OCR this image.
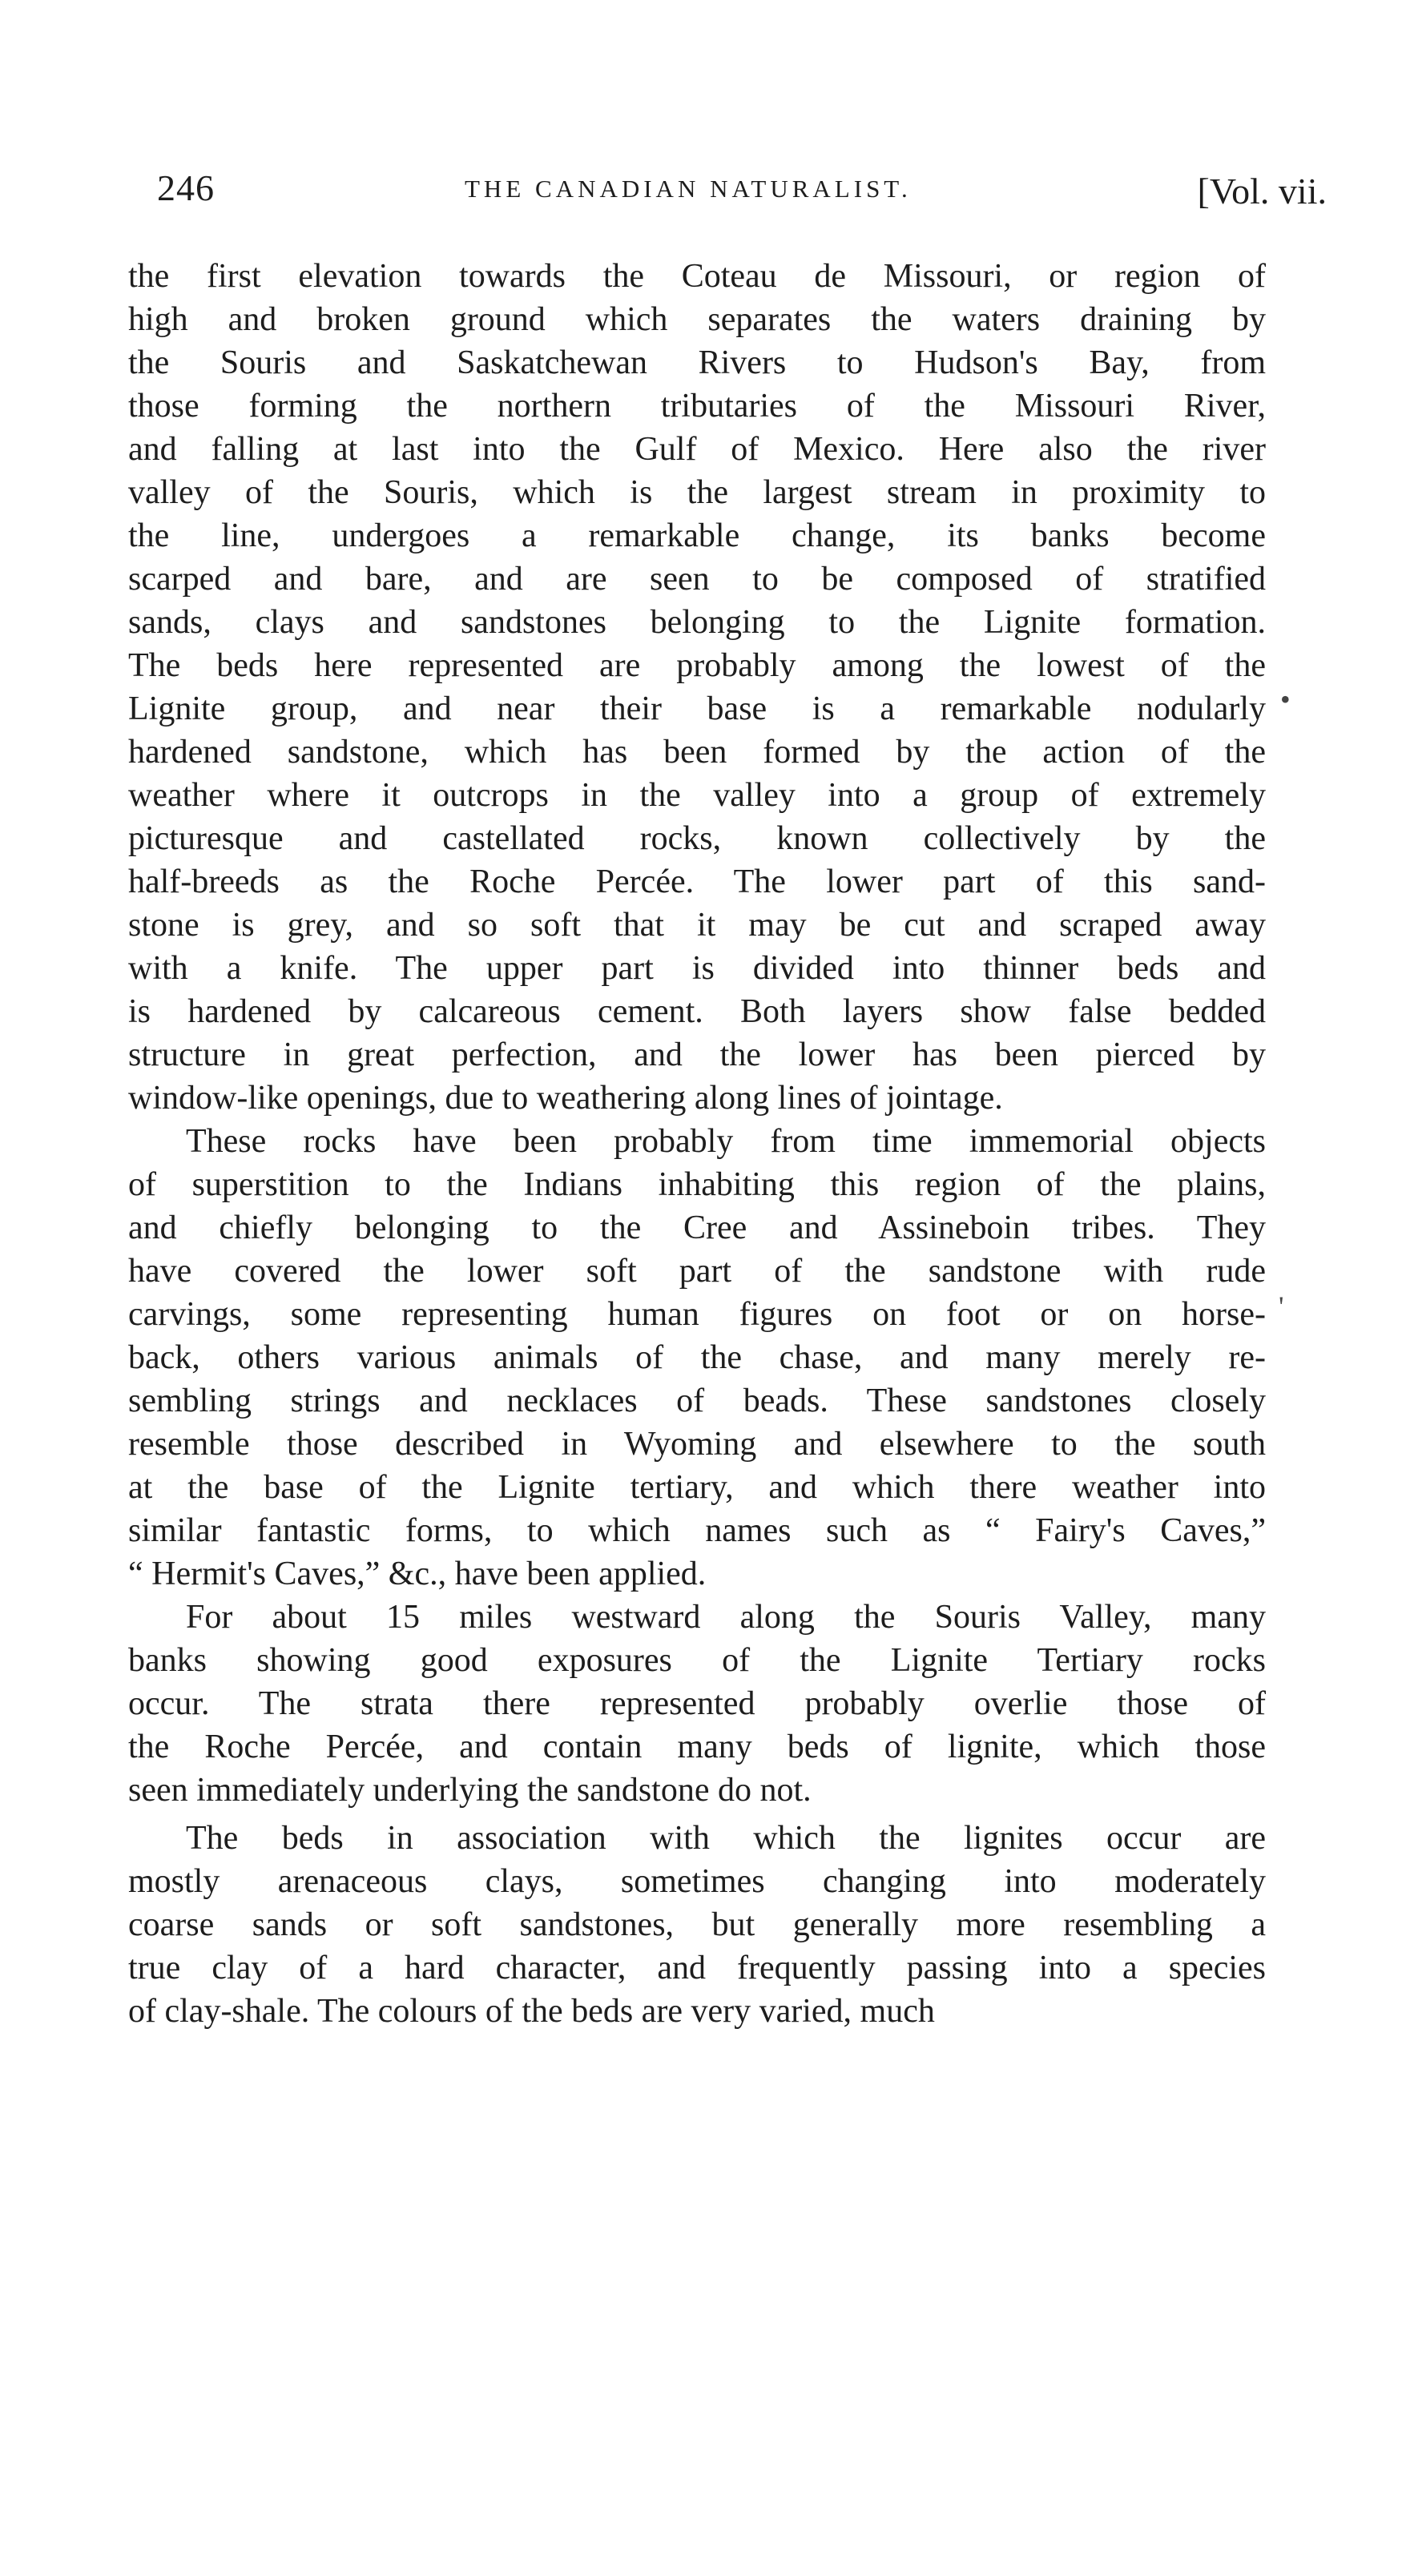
246	THE CANADIAN NATURALIST.	[Vol. vii.
the first elevation towards the Coteau de Missouri, or region of
high and broken ground which separates the waters draining by
the Souris and Saskatchewan Rivers to Hudson's Bay, from
those forming the northern tributaries of the Missouri River,
and falling at last into the Gulf of Mexico. Here also the river
valley of the Souris, which is the largest stream in proximity to
the line, undergoes a remarkable change, its banks become
scarped and bare, and are seen to be composed of stratified
sands, clays and sandstones belonging to the Lignite formation.
The beds here represented are probably among the lowest of the
Lignite group, and near their base is a remarkable nodularly
hardened sandstone, which has been formed by the action of the
weather where it outcrops in the valley into a group of extremely
picturesque and castellated rocks, known collectively by the
half-breeds as the Roche Percée. The lower part of this sand-
stone is grey, and so soft that it may be cut and scraped away
with a knife. The upper part is divided into thinner beds and
is hardened by calcareous cement. Both layers show false bedded
structure in great perfection, and the lower has been pierced by
window-like openings, due to weathering along lines of jointage.
These rocks have been probably from time immemorial objects
of superstition to the Indians inhabiting this region of the plains,
and chiefly belonging to the Cree and Assineboin tribes. They
have covered the lower soft part of the sandstone with rude
carvings, some representing human figures on foot or on horse-
back, others various animals of the chase, and many merely re-
sembling strings and necklaces of beads. These sandstones closely
resemble those described in Wyoming and elsewhere to the south
at the base of the Lignite tertiary, and which there weather into
similar fantastic forms, to which names such as “ Fairy's Caves,”
“ Hermit's Caves,” &c., have been applied.
For about 15 miles westward along the Souris Valley, many
banks showing good exposures of the Lignite Tertiary rocks
occur. The strata there represented probably overlie those of
the Roche Percée, and contain many beds of lignite, which those
seen immediately underlying the sandstone do not.
The beds in association with which the lignites occur are
mostly arenaceous clays, sometimes changing into moderately
coarse sands or soft sandstones, but generally more resembling a
true clay of a hard character, and frequently passing into a species
of clay-shale. The colours of the beds are very varied, much
•
'
